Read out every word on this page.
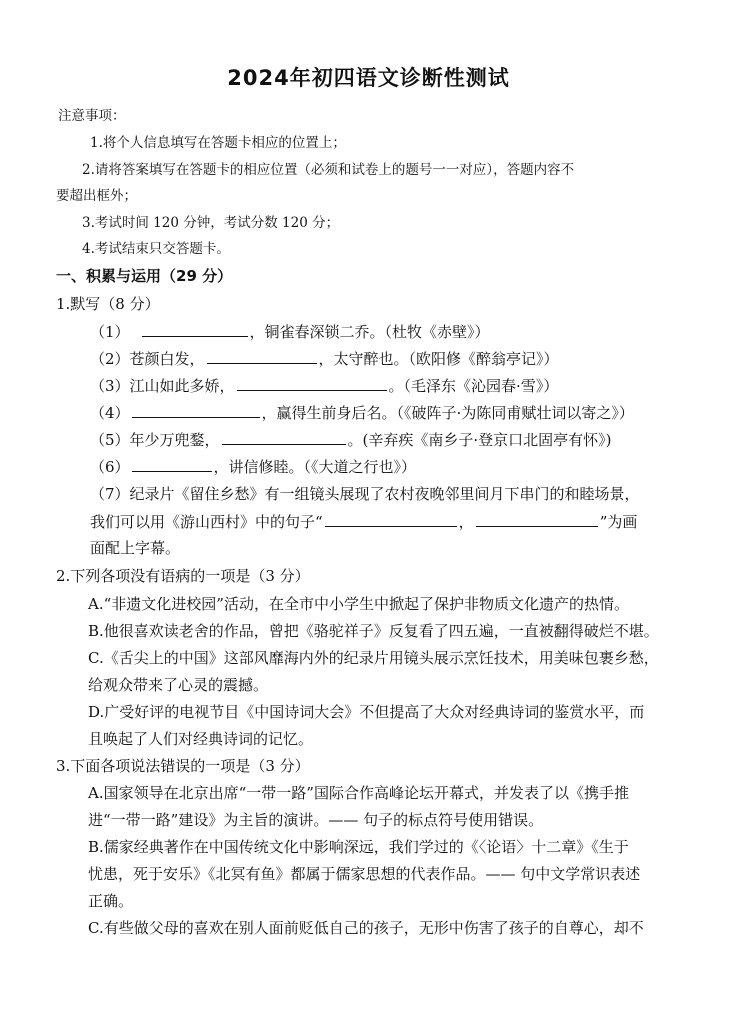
2024年初四语文诊断性测试
注意事项：
1.将个人信息填写在答题卡相应的位置上；
2.请将答案填写在答题卡的相应位置（必须和试卷上的题号一一对应），答题内容不
要超出框外；
3.考试时间 120 分钟，考试分数 120 分；
4.考试结束只交答题卡。
一、积累与运用（29 分）
1.默写（8 分）
（1）	，铜雀春深锁二乔。（杜牧《赤壁》）
（2）苍颜白发，	，太守醉也。（欧阳修《醉翁亭记》）
（3）江山如此多娇，	。（毛泽东《沁园春·雪》）
（4）	，赢得生前身后名。（《破阵子·为陈同甫赋壮词以寄之》）
（5）年少万兜鍪，	。(辛弃疾《南乡子·登京口北固亭有怀》)
（6）	，讲信修睦。（《大道之行也》）
（7）纪录片《留住乡愁》有一组镜头展现了农村夜晚邻里间月下串门的和睦场景，
我们可以用《游山西村》中的句子“	，	”为画
面配上字幕。
2.下列各项没有语病的一项是（3 分）
A.“非遗文化进校园”活动，在全市中小学生中掀起了保护非物质文化遗产的热情。
B.他很喜欢读老舍的作品，曾把《骆驼祥子》反复看了四五遍，一直被翻得破烂不堪。
C.《舌尖上的中国》这部风靡海内外的纪录片用镜头展示烹饪技术，用美味包裹乡愁，
给观众带来了心灵的震撼。
D.广受好评的电视节目《中国诗词大会》不但提高了大众对经典诗词的鉴赏水平，而
且唤起了人们对经典诗词的记忆。
3.下面各项说法错误的一项是（3 分）
A.国家领导在北京出席“一带一路”国际合作高峰论坛开幕式，并发表了以《携手推
进“一带一路”建设》为主旨的演讲。—— 句子的标点符号使用错误。
B.儒家经典著作在中国传统文化中影响深远，我们学过的《〈论语〉十二章》《生于
忧患，死于安乐》《北冥有鱼》都属于儒家思想的代表作品。—— 句中文学常识表述
正确。
C.有些做父母的喜欢在别人面前贬低自己的孩子，无形中伤害了孩子的自尊心，却不
